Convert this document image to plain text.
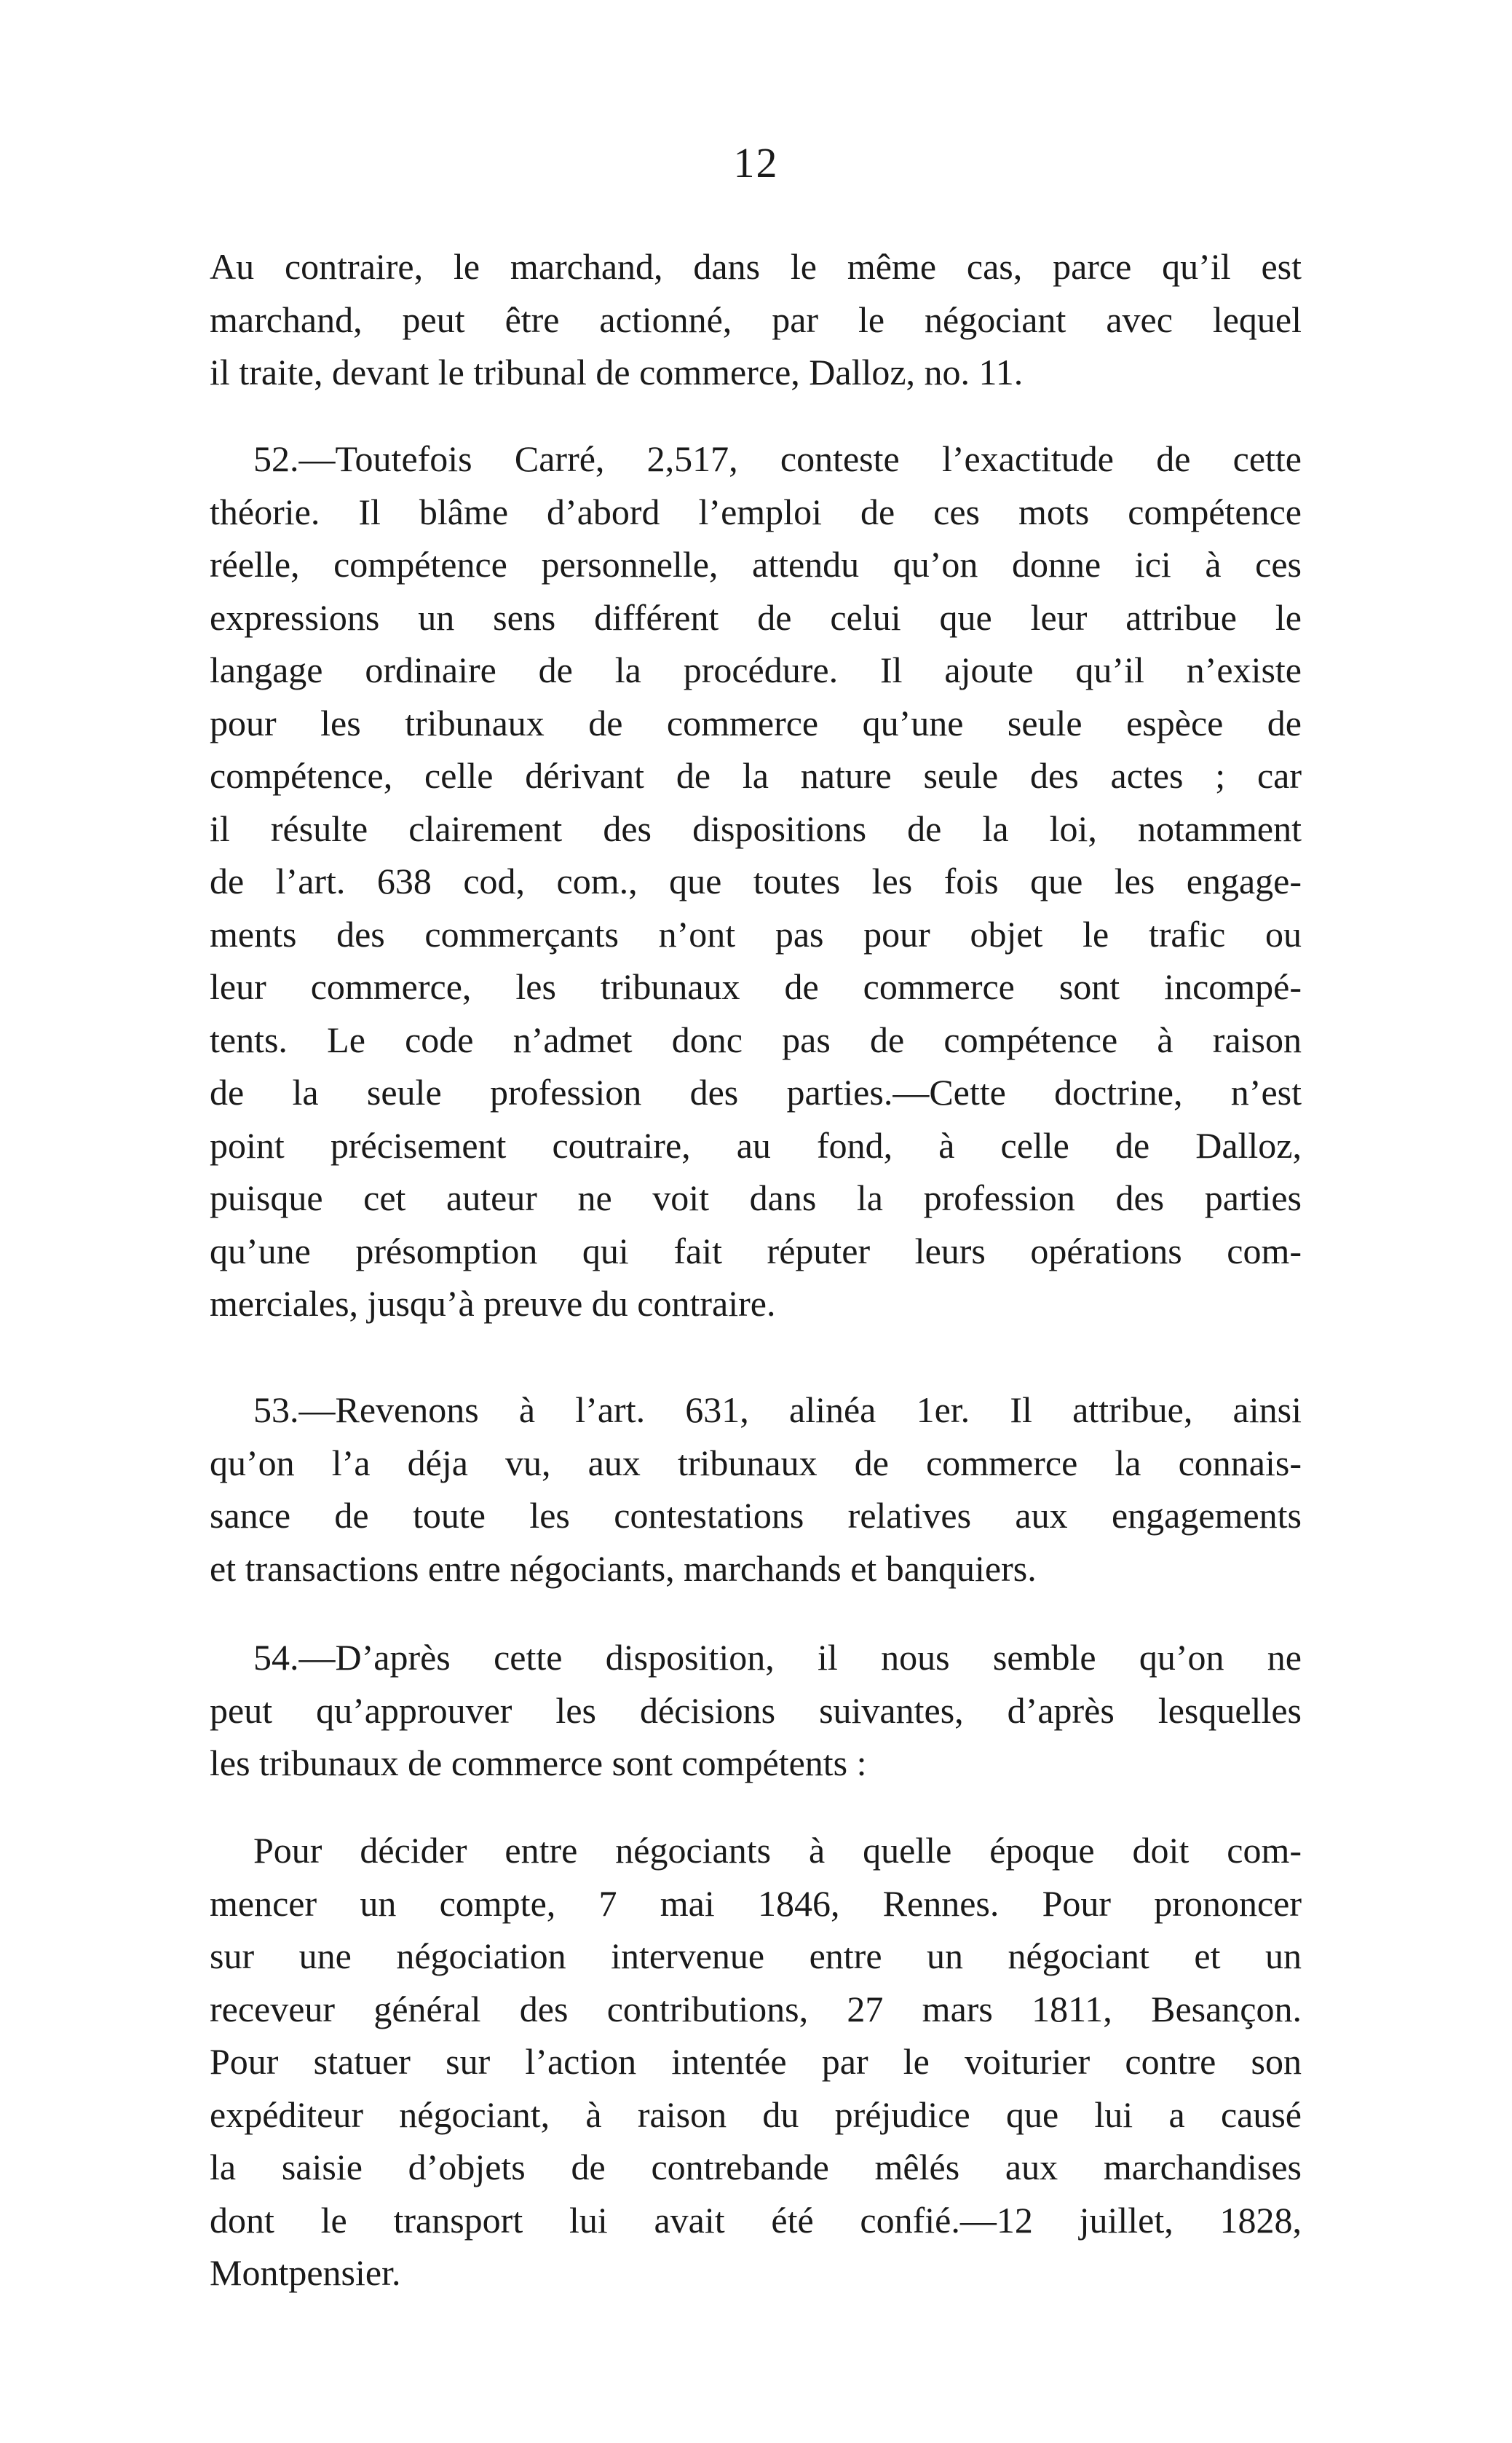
12
Au contraire, le marchand, dans le même cas, parce qu’il est
marchand, peut être actionné, par le négociant avec lequel
il traite, devant le tribunal de commerce, Dalloz, no. 11.
52.—Toutefois Carré, 2,517, conteste l’exactitude de cette
théorie. Il blâme d’abord l’emploi de ces mots compétence
réelle, compétence personnelle, attendu qu’on donne ici à ces
expressions un sens différent de celui que leur attribue le
langage ordinaire de la procédure. Il ajoute qu’il n’existe
pour les tribunaux de commerce qu’une seule espèce de
compétence, celle dérivant de la nature seule des actes ; car
il résulte clairement des dispositions de la loi, notamment
de l’art. 638 cod, com., que toutes les fois que les engage-
ments des commerçants n’ont pas pour objet le trafic ou
leur commerce, les tribunaux de commerce sont incompé-
tents. Le code n’admet donc pas de compétence à raison
de la seule profession des parties.—Cette doctrine, n’est
point précisement coutraire, au fond, à celle de Dalloz,
puisque cet auteur ne voit dans la profession des parties
qu’une présomption qui fait réputer leurs opérations com-
merciales, jusqu’à preuve du contraire.
53.—Revenons à l’art. 631, alinéa 1er. Il attribue, ainsi
qu’on l’a déja vu, aux tribunaux de commerce la connais-
sance de toute les contestations relatives aux engagements
et transactions entre négociants, marchands et banquiers.
54.—D’après cette disposition, il nous semble qu’on ne
peut qu’approuver les décisions suivantes, d’après lesquelles
les tribunaux de commerce sont compétents :
Pour décider entre négociants à quelle époque doit com-
mencer un compte, 7 mai 1846, Rennes. Pour prononcer
sur une négociation intervenue entre un négociant et un
receveur général des contributions, 27 mars 1811, Besançon.
Pour statuer sur l’action intentée par le voiturier contre son
expéditeur négociant, à raison du préjudice que lui a causé
la saisie d’objets de contrebande mêlés aux marchandises
dont le transport lui avait été confié.—12 juillet, 1828,
Montpensier.
